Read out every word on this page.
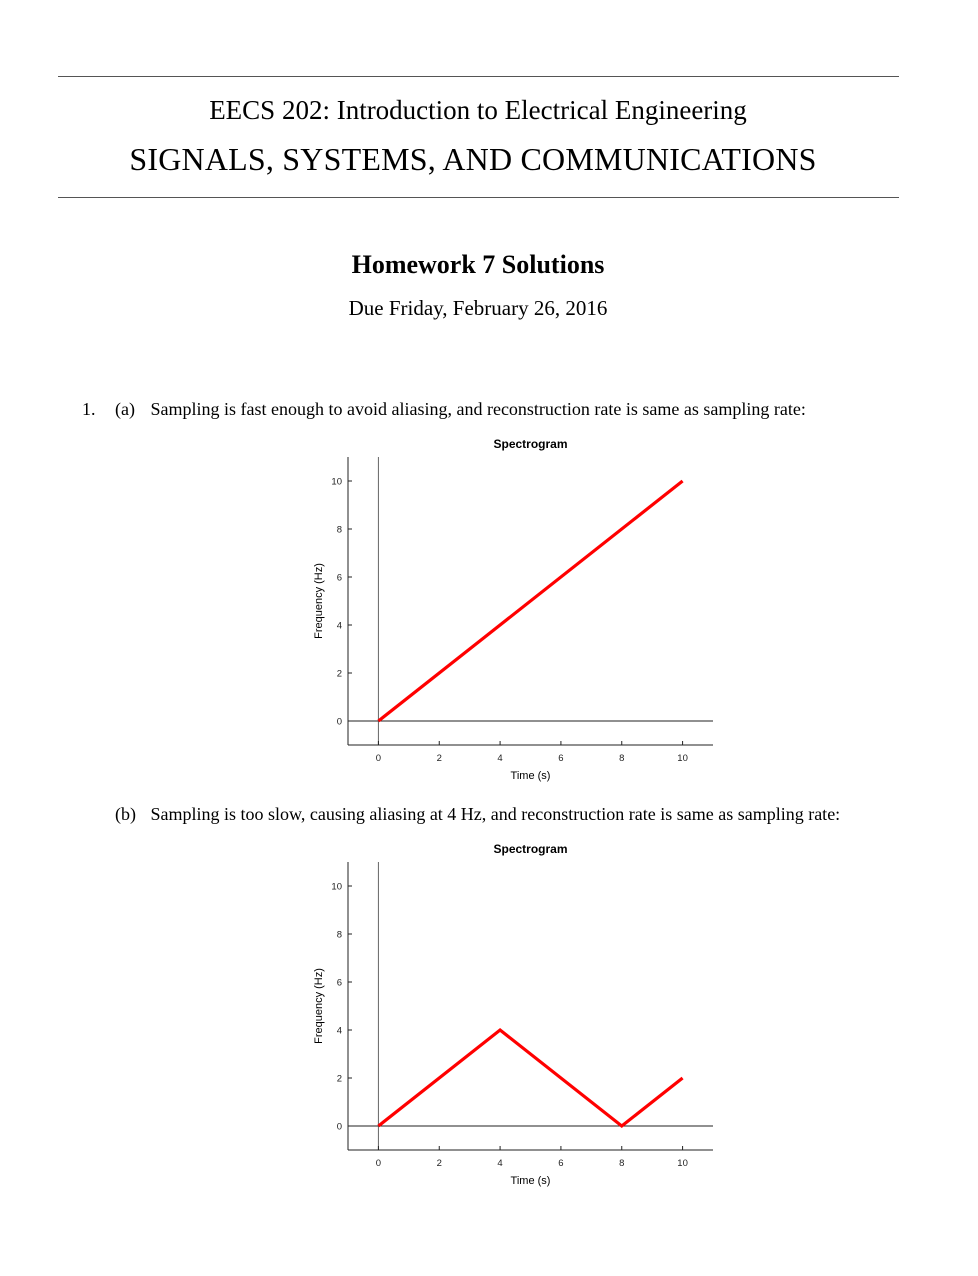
EECS 202: Introduction to Electrical Engineering
SIGNALS, SYSTEMS, AND COMMUNICATIONS
Homework 7 Solutions
Due Friday, February 26, 2016
1. (a) Sampling is fast enough to avoid aliasing, and reconstruction rate is same as sampling rate:
Spectrogram
0	2	4	6	8	10
0
2
4
6
8
10
Time (s)
Frequency (Hz)
(b) Sampling is too slow, causing aliasing at 4 Hz, and reconstruction rate is same as sampling rate:
Spectrogram
0	2	4	6	8	10
0
2
4
6
8
10
Time (s)
Frequency (Hz)
